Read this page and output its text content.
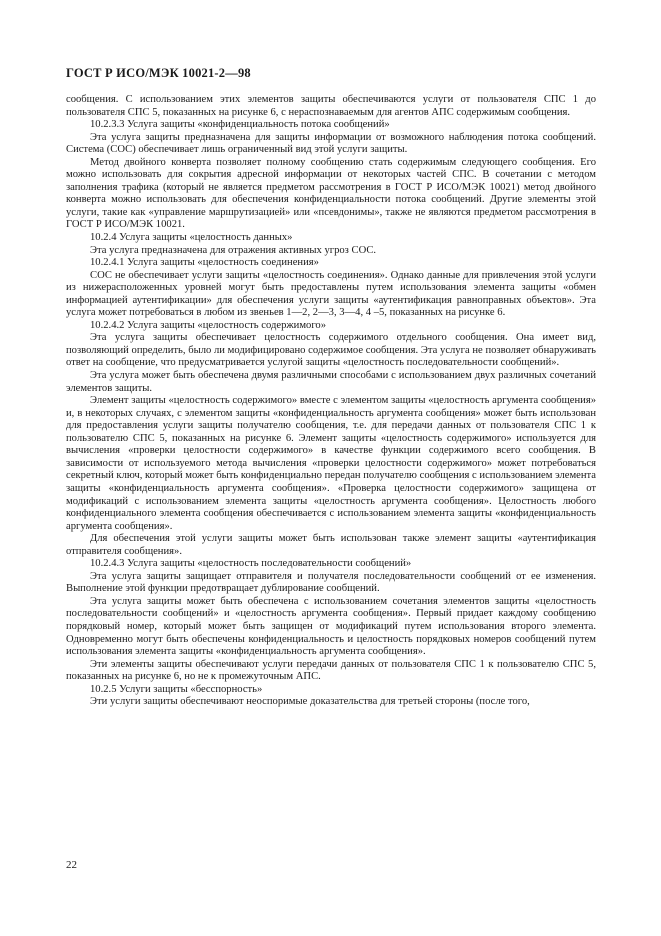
ГОСТ Р ИСО/МЭК 10021-2—98

сообщения. С использованием этих элементов защиты обеспечиваются услуги от пользователя СПС 1 до пользователя СПС 5, показанных на рисунке 6, с нераспознаваемым для агентов АПС содержимым сообщения.

10.2.3.3 Услуга защиты «конфиденциальность потока сообщений»

Эта услуга защиты предназначена для защиты информации от возможного наблюдения потока сообщений. Система (СОС) обеспечивает лишь ограниченный вид этой услуги защиты.

Метод двойного конверта позволяет полному сообщению стать содержимым следующего сообщения. Его можно использовать для сокрытия адресной информации от некоторых частей СПС. В сочетании с методом заполнения трафика (который не является предметом рассмотрения в ГОСТ Р ИСО/МЭК 10021) метод двойного конверта можно использовать для обеспечения конфиденциальности потока сообщений. Другие элементы этой услуги, такие как «управление маршрутизацией» или «псевдонимы», также не являются предметом рассмотрения в ГОСТ Р ИСО/МЭК 10021.

10.2.4 Услуга защиты «целостность данных»

Эта услуга предназначена для отражения активных угроз СОС.

10.2.4.1 Услуга защиты «целостность соединения»

СОС не обеспечивает услуги защиты «целостность соединения». Однако данные для привлечения этой услуги из нижерасположенных уровней могут быть предоставлены путем использования элемента защиты «обмен информацией аутентификации» для обеспечения услуги защиты «аутентификация равноправных объектов». Эта услуга может потребоваться в любом из звеньев 1—2, 2—3, 3—4, 4 –5, показанных на рисунке 6.

10.2.4.2 Услуга защиты «целостность содержимого»

Эта услуга защиты обеспечивает целостность содержимого отдельного сообщения. Она имеет вид, позволяющий определить, было ли модифицировано содержимое сообщения. Эта услуга не позволяет обнаруживать ответ на сообщение, что предусматривается услугой защиты «целостность последовательности сообщений».

Эта услуга может быть обеспечена двумя различными способами с использованием двух различных сочетаний элементов защиты.

Элемент защиты «целостность содержимого» вместе с элементом защиты «целостность аргумента сообщения» и, в некоторых случаях, с элементом защиты «конфиденциальность аргумента сообщения» может быть использован для предоставления услуги защиты получателю сообщения, т.е. для передачи данных от пользователя СПС 1 к пользователю СПС 5, показанных на рисунке 6. Элемент защиты «целостность содержимого» используется для вычисления «проверки целостности содержимого» в качестве функции содержимого всего сообщения. В зависимости от используемого метода вычисления «проверки целостности содержимого» может потребоваться секретный ключ, который может быть конфиденциально передан получателю сообщения с использованием элемента защиты «конфиденциальность аргумента сообщения». «Проверка целостности содержимого» защищена от модификаций с использованием элемента защиты «целостность аргумента сообщения». Целостность любого конфиденциального элемента сообщения обеспечивается с использованием элемента защиты «конфиденциальность аргумента сообщения».

Для обеспечения этой услуги защиты может быть использован также элемент защиты «аутентификация отправителя сообщения».

10.2.4.3 Услуга защиты «целостность последовательности сообщений»

Эта услуга защиты защищает отправителя и получателя последовательности сообщений от ее изменения. Выполнение этой функции предотвращает дублирование сообщений.

Эта услуга защиты может быть обеспечена с использованием сочетания элементов защиты «целостность последовательности сообщений» и «целостность аргумента сообщения». Первый придает каждому сообщению порядковый номер, который может быть защищен от модификаций путем использования второго элемента. Одновременно могут быть обеспечены конфиденциальность и целостность порядковых номеров сообщений путем использования элемента защиты «конфиденциальность аргумента сообщения».

Эти элементы защиты обеспечивают услуги передачи данных от пользователя СПС 1 к пользователю СПС 5, показанных на рисунке 6, но не к промежуточным АПС.

10.2.5 Услуги защиты «бесспорность»

Эти услуги защиты обеспечивают неоспоримые доказательства для третьей стороны (после того,

22
